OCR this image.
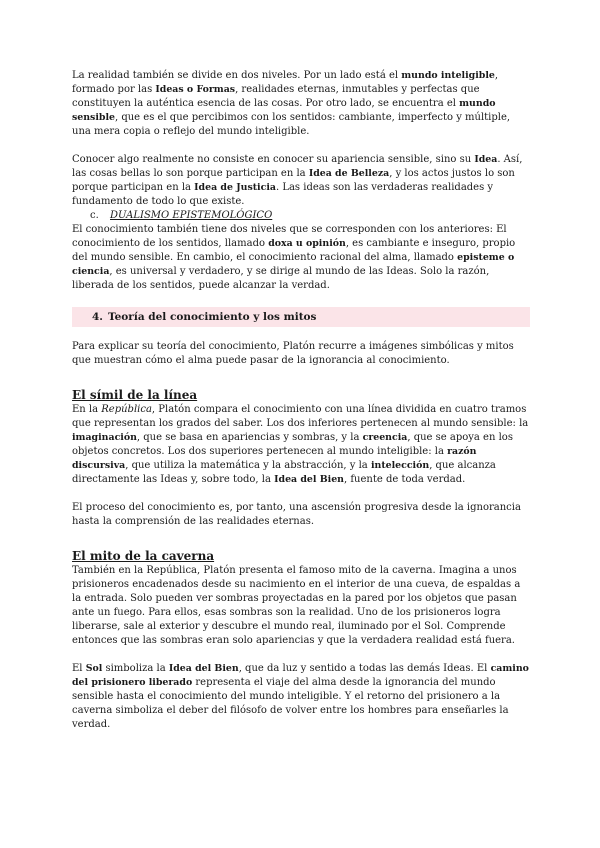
La realidad también se divide en dos niveles. Por un lado está el mundo inteligible, formado por las Ideas o Formas, realidades eternas, inmutables y perfectas que constituyen la auténtica esencia de las cosas. Por otro lado, se encuentra el mundo sensible, que es el que percibimos con los sentidos: cambiante, imperfecto y múltiple, una mera copia o reflejo del mundo inteligible.

Conocer algo realmente no consiste en conocer su apariencia sensible, sino su Idea. Así, las cosas bellas lo son porque participan en la Idea de Belleza, y los actos justos lo son porque participan en la Idea de Justicia. Las ideas son las verdaderas realidades y fundamento de todo lo que existe.

c. DUALISMO EPISTEMOLÓGICO

El conocimiento también tiene dos niveles que se corresponden con los anteriores: El conocimiento de los sentidos, llamado doxa u opinión, es cambiante e inseguro, propio del mundo sensible. En cambio, el conocimiento racional del alma, llamado episteme o ciencia, es universal y verdadero, y se dirige al mundo de las Ideas. Solo la razón, liberada de los sentidos, puede alcanzar la verdad.

4. Teoría del conocimiento y los mitos

Para explicar su teoría del conocimiento, Platón recurre a imágenes simbólicas y mitos que muestran cómo el alma puede pasar de la ignorancia al conocimiento.

El símil de la línea

En la República, Platón compara el conocimiento con una línea dividida en cuatro tramos que representan los grados del saber. Los dos inferiores pertenecen al mundo sensible: la imaginación, que se basa en apariencias y sombras, y la creencia, que se apoya en los objetos concretos. Los dos superiores pertenecen al mundo inteligible: la razón discursiva, que utiliza la matemática y la abstracción, y la intelección, que alcanza directamente las Ideas y, sobre todo, la Idea del Bien, fuente de toda verdad.

El proceso del conocimiento es, por tanto, una ascensión progresiva desde la ignorancia hasta la comprensión de las realidades eternas.

El mito de la caverna

También en la República, Platón presenta el famoso mito de la caverna. Imagina a unos prisioneros encadenados desde su nacimiento en el interior de una cueva, de espaldas a la entrada. Solo pueden ver sombras proyectadas en la pared por los objetos que pasan ante un fuego. Para ellos, esas sombras son la realidad. Uno de los prisioneros logra liberarse, sale al exterior y descubre el mundo real, iluminado por el Sol. Comprende entonces que las sombras eran solo apariencias y que la verdadera realidad está fuera.

El Sol simboliza la Idea del Bien, que da luz y sentido a todas las demás Ideas. El camino del prisionero liberado representa el viaje del alma desde la ignorancia del mundo sensible hasta el conocimiento del mundo inteligible. Y el retorno del prisionero a la caverna simboliza el deber del filósofo de volver entre los hombres para enseñarles la verdad.
